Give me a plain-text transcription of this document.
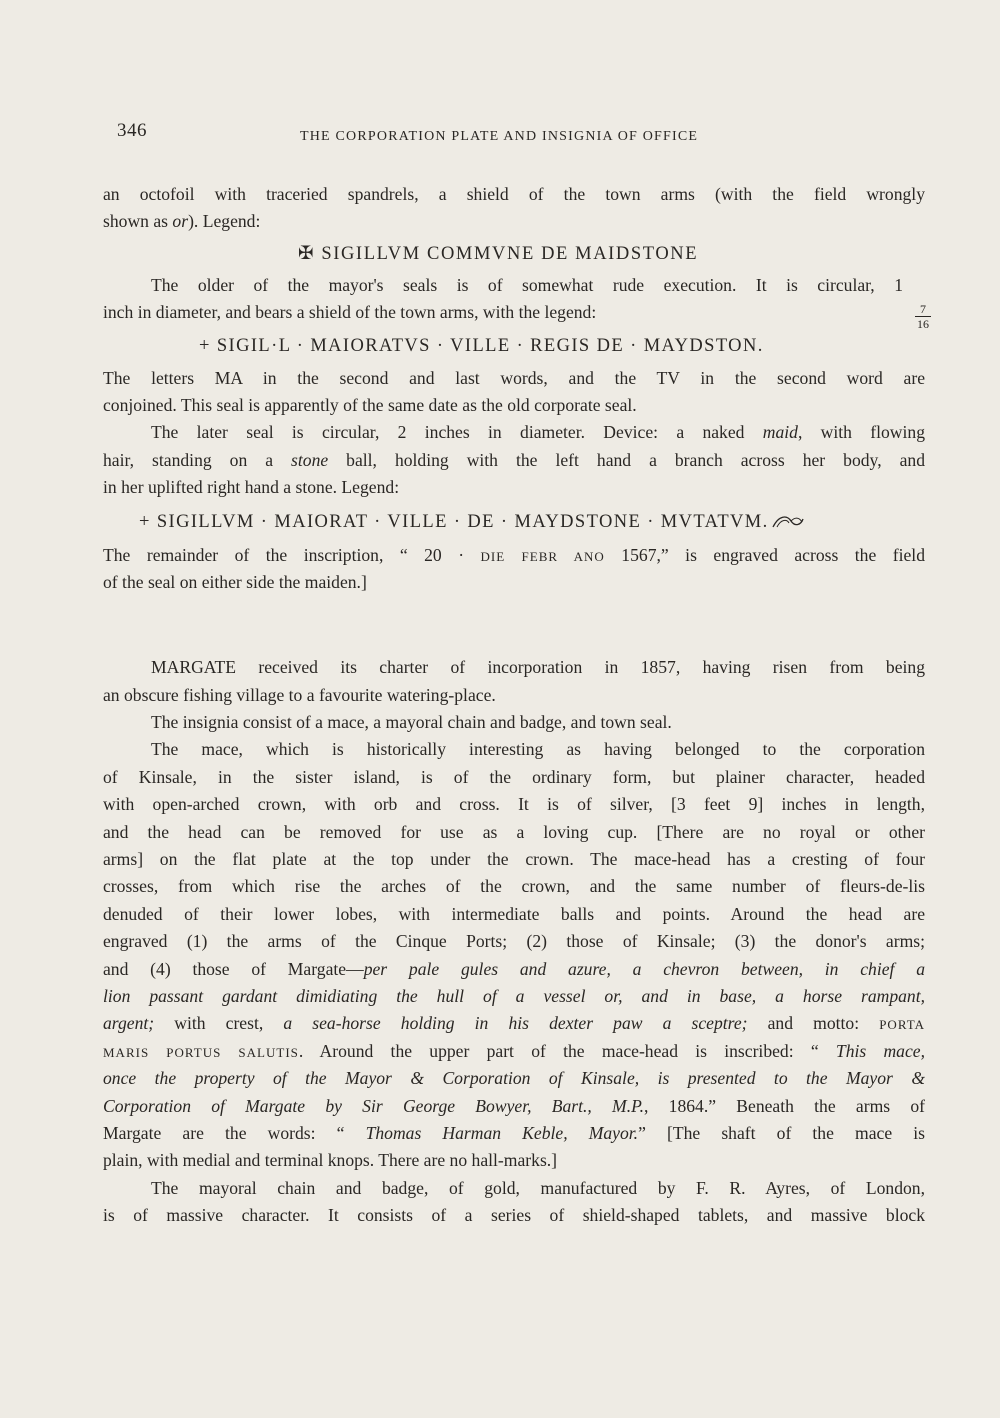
346	THE CORPORATION PLATE AND INSIGNIA OF OFFICE
an octofoil with traceried spandrels, a shield of the town arms (with the field wrongly
shown as or). Legend:
✠ SIGILLVM COMMVNE DE MAIDSTONE
The older of the mayor's seals is of somewhat rude execution. It is circular, 1
7
16
inch in diameter, and bears a shield of the town arms, with the legend:
+ SIGIL·L · MAIORATVS · VILLE · REGIS DE · MAYDSTON.
The letters MA in the second and last words, and the TV in the second word are
conjoined. This seal is apparently of the same date as the old corporate seal.
The later seal is circular, 2 inches in diameter. Device: a naked maid, with flowing
hair, standing on a stone ball, holding with the left hand a branch across her body, and
in her uplifted right hand a stone. Legend:
+ SIGILLVM · MAIORAT · VILLE · DE · MAYDSTONE · MVTATVM.
The remainder of the inscription, “ 20 · DIE FEBR ANO 1567,” is engraved across the field
of the seal on either side the maiden.]
MARGATE received its charter of incorporation in 1857, having risen from being
an obscure fishing village to a favourite watering-place.
The insignia consist of a mace, a mayoral chain and badge, and town seal.
The mace, which is historically interesting as having belonged to the corporation
of Kinsale, in the sister island, is of the ordinary form, but plainer character, headed
with open-arched crown, with orb and cross. It is of silver, [3 feet 9] inches in length,
and the head can be removed for use as a loving cup. [There are no royal or other
arms] on the flat plate at the top under the crown. The mace-head has a cresting of four
crosses, from which rise the arches of the crown, and the same number of fleurs-de-lis
denuded of their lower lobes, with intermediate balls and points. Around the head are
engraved (1) the arms of the Cinque Ports; (2) those of Kinsale; (3) the donor's arms;
and (4) those of Margate—per pale gules and azure, a chevron between, in chief a
lion passant gardant dimidiating the hull of a vessel or, and in base, a horse rampant,
argent; with crest, a sea-horse holding in his dexter paw a sceptre; and motto: PORTA
MARIS PORTUS SALUTIS. Around the upper part of the mace-head is inscribed: “ This mace,
once the property of the Mayor & Corporation of Kinsale, is presented to the Mayor &
Corporation of Margate by Sir George Bowyer, Bart., M.P., 1864.” Beneath the arms of
Margate are the words: “ Thomas Harman Keble, Mayor.” [The shaft of the mace is
plain, with medial and terminal knops. There are no hall-marks.]
The mayoral chain and badge, of gold, manufactured by F. R. Ayres, of London,
is of massive character. It consists of a series of shield-shaped tablets, and massive block
